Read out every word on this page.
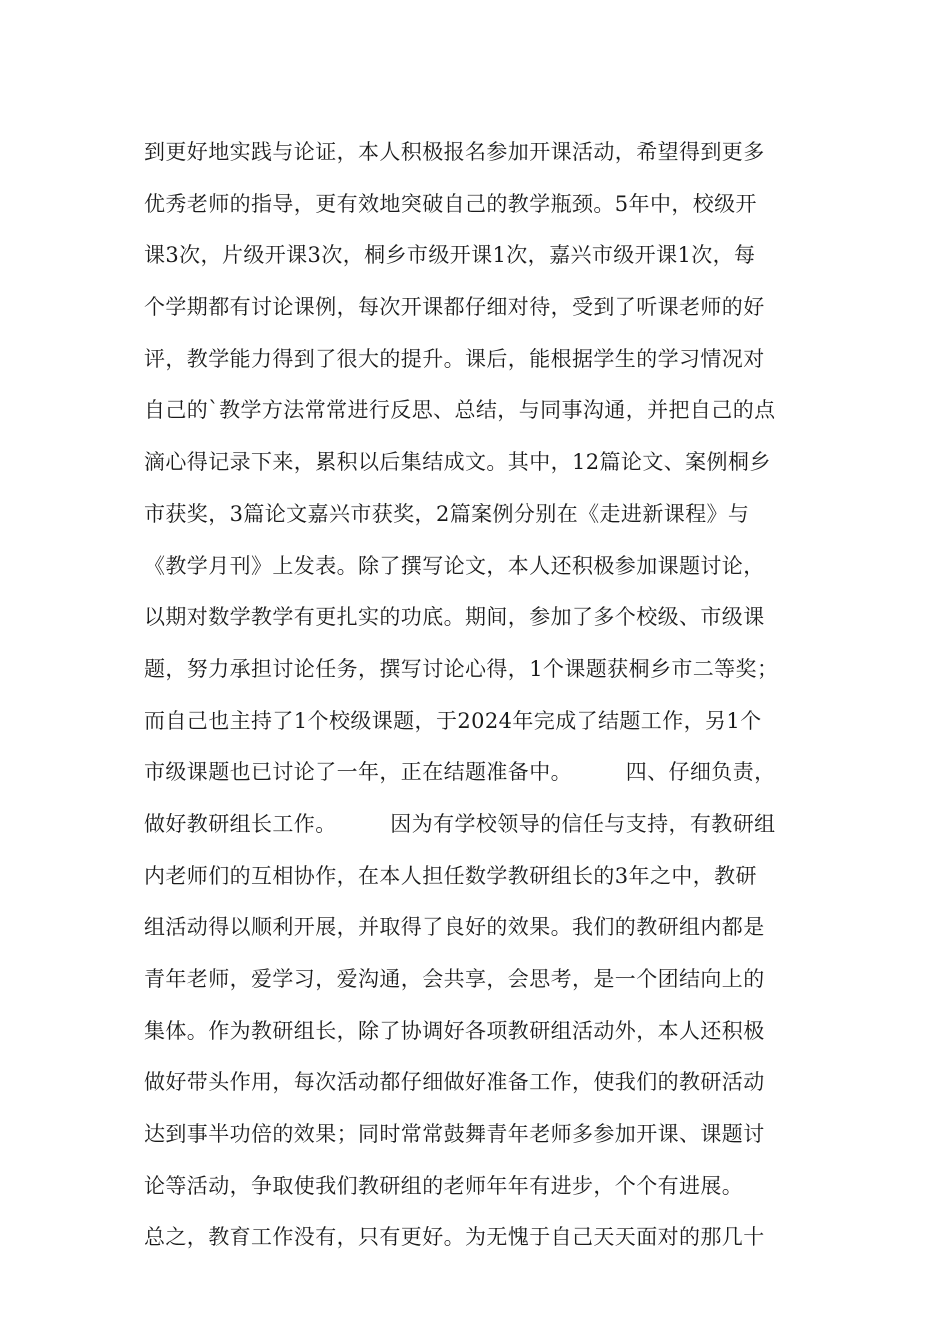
到更好地实践与论证，本人积极报名参加开课活动，希望得到更多
优秀老师的指导，更有效地突破自己的教学瓶颈。5年中，校级开
课3次，片级开课3次，桐乡市级开课1次，嘉兴市级开课1次，每
个学期都有讨论课例，每次开课都仔细对待，受到了听课老师的好
评，教学能力得到了很大的提升。课后，能根据学生的学习情况对
自己的`教学方法常常进行反思、总结，与同事沟通，并把自己的点
滴心得记录下来，累积以后集结成文。其中，12篇论文、案例桐乡
市获奖，3篇论文嘉兴市获奖，2篇案例分别在《走进新课程》与
《教学月刊》上发表。除了撰写论文，本人还积极参加课题讨论，
以期对数学教学有更扎实的功底。期间，参加了多个校级、市级课
题，努力承担讨论任务，撰写讨论心得，1个课题获桐乡市二等奖；
而自己也主持了1个校级课题，于2024年完成了结题工作，另1个
市级课题也已讨论了一年，正在结题准备中。　　　四、仔细负责，
做好教研组长工作。　　　因为有学校领导的信任与支持，有教研组
内老师们的互相协作，在本人担任数学教研组长的3年之中，教研
组活动得以顺利开展，并取得了良好的效果。我们的教研组内都是
青年老师，爱学习，爱沟通，会共享，会思考，是一个团结向上的
集体。作为教研组长，除了协调好各项教研组活动外，本人还积极
做好带头作用，每次活动都仔细做好准备工作，使我们的教研活动
达到事半功倍的效果；同时常常鼓舞青年老师多参加开课、课题讨
论等活动，争取使我们教研组的老师年年有进步，个个有进展。
总之，教育工作没有，只有更好。为无愧于自己天天面对的那几十
